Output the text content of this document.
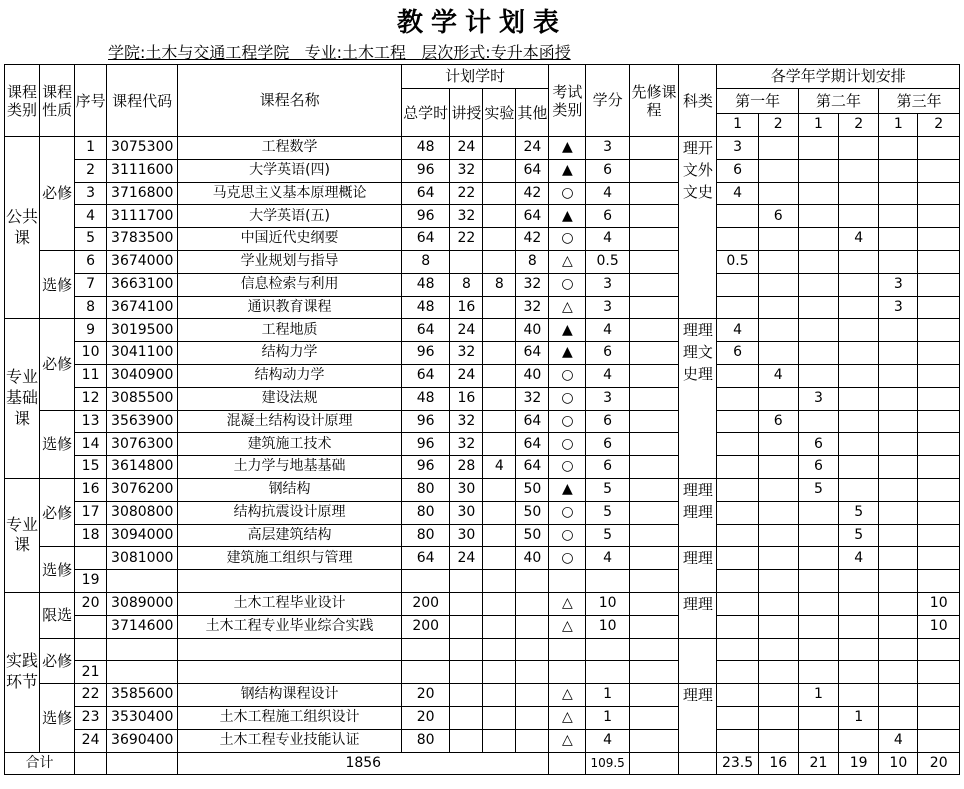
教学计划表
学院:土木与交通工程学院   专业:土木工程   层次形式:专升本函授
课程类别	课程性质	序号	课程代码	课程名称	计划学时				考试类别	学分	先修课程	科类	各学年学期计划安排					
					总学时	讲授	实验	其他					第一年		第二年		第三年	
													1	2	1	2	1	2
公共课	必修	1	3075300	工程数学	48	24		24	▲	3		理开文外文史	3					
		2	3111600	大学英语(四)	96	32		64	▲	6			6					
		3	3716800	马克思主义基本原理概论	64	22		42	○	4			4					
		4	3111700	大学英语(五)	96	32		64	▲	6				6				
		5	3783500	中国近代史纲要	64	22		42	○	4						4		
	选修	6	3674000	学业规划与指导	8			8	△	0.5			0.5					
		7	3663100	信息检索与利用	48	8	8	32	○	3							3	
		8	3674100	通识教育课程	48	16		32	△	3							3	
专业基础课	必修	9	3019500	工程地质	64	24		40	▲	4		理理理文史理	4					
		10	3041100	结构力学	96	32		64	▲	6			6					
		11	3040900	结构动力学	64	24		40	○	4				4				
		12	3085500	建设法规	48	16		32	○	3					3			
	选修	13	3563900	混凝土结构设计原理	96	32		64	○	6				6				
		14	3076300	建筑施工技术	96	32		64	○	6					6			
		15	3614800	土力学与地基基础	96	28	4	64	○	6					6			
专业课	必修	16	3076200	钢结构	80	30		50	▲	5		理理理理			5			
		17	3080800	结构抗震设计原理	80	30		50	○	5						5		
		18	3094000	高层建筑结构	80	30		50	○	5						5		
	选修		3081000	建筑施工组织与管理	64	24		40	○	4		理理				4		
		19																
实践环节	限选	20	3089000	土木工程毕业设计	200				△	10		理理						10
			3714600	土木工程专业毕业综合实践	200				△	10								10
	必修																	
		21																
	选修	22	3585600	钢结构课程设计	20				△	1		理理			1			
		23	3530400	土木工程施工组织设计	20				△	1						1		
		24	3690400	土木工程专业技能认证	80				△	4							4	
合计				1856						109.5			23.5	16	21	19	10	20
